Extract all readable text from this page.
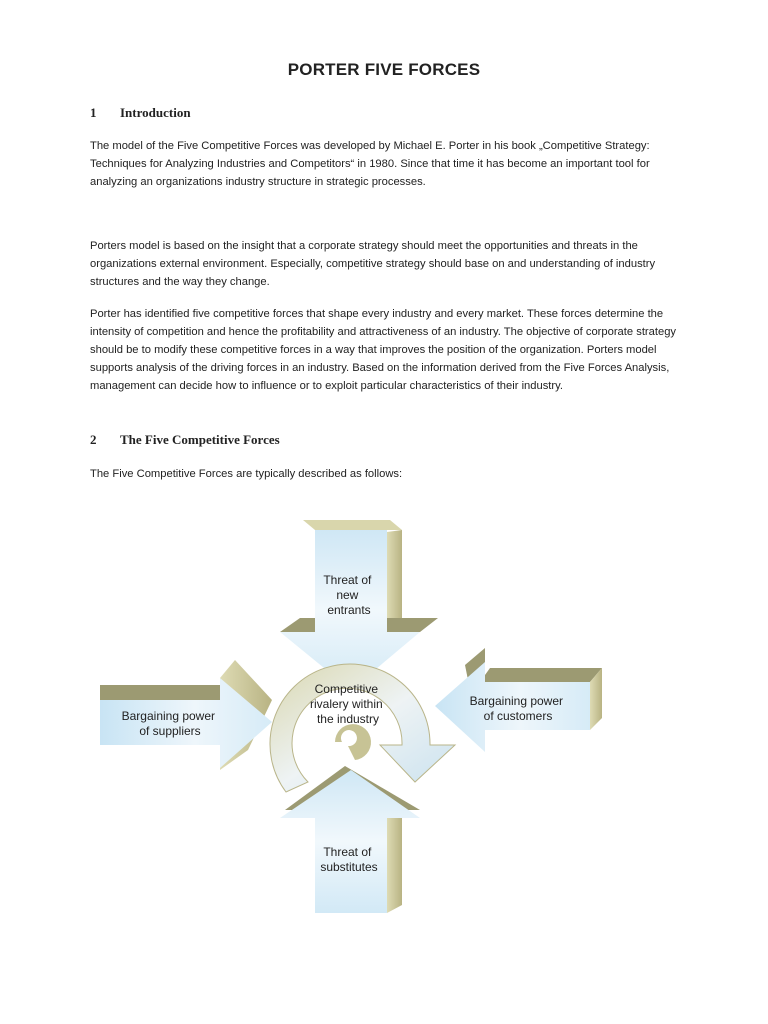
PORTER FIVE FORCES
1 Introduction
The model of the Five Competitive Forces was developed by Michael E. Porter in his book „Competitive Strategy: Techniques for Analyzing Industries and Competitors“ in 1980. Since that time it has become an important tool for analyzing an organizations industry structure in strategic processes.
Porters model is based on the insight that a corporate strategy should meet the opportunities and threats in the organizations external environment. Especially, competitive strategy should base on and understanding of industry structures and the way they change.
Porter has identified five competitive forces that shape every industry and every market. These forces determine the intensity of competition and hence the profitability and attractiveness of an industry. The objective of corporate strategy should be to modify these competitive forces in a way that improves the position of the organization. Porters model supports analysis of the driving forces in an industry. Based on the information derived from the Five Forces Analysis, management can decide how to influence or to exploit particular characteristics of their industry.
2 The Five Competitive Forces
The Five Competitive Forces are typically described as follows:
Threat of new entrants
Competitive rivalery within the industry
Bargaining power of suppliers
Bargaining power of customers
Threat of substitutes
